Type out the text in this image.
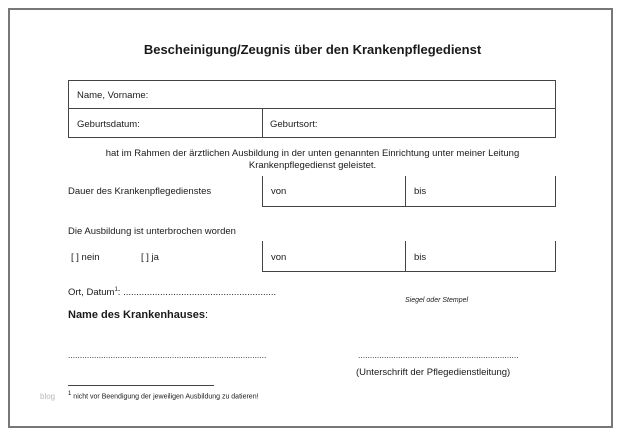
Bescheinigung/Zeugnis über den Krankenpflegedienst
Name, Vorname:
Geburtsdatum:	Geburtsort:
hat im Rahmen der ärztlichen Ausbildung in der unten genannten Einrichtung unter meiner Leitung
Krankenpflegedienst geleistet.
Dauer des Krankenpflegedienstes	von	bis
Die Ausbildung ist unterbrochen worden
[ ] nein	[ ] ja	von	bis
Ort, Datum$^1$: ..........................................................
Siegel oder Stempel
Name des Krankenhauses:
....................................................................................	....................................................................
(Unterschrift der Pflegedienstleitung)
$^1$ nicht vor Beendigung der jeweiligen Ausbildung zu datieren!
blog
